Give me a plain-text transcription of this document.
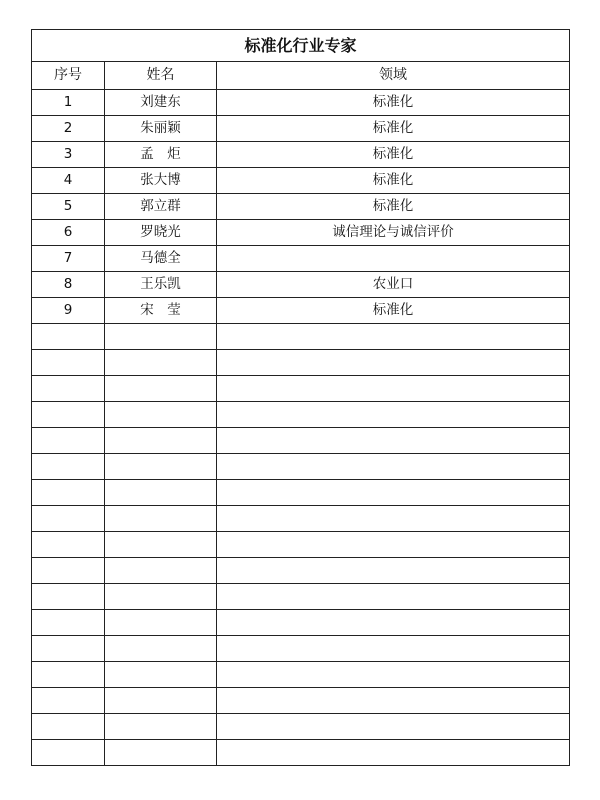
标准化行业专家		
序号	姓名	领域
1	刘建东	标准化
2	朱丽颖	标准化
3	孟　炬	标准化
4	张大博	标准化
5	郭立群	标准化
6	罗晓光	诚信理论与诚信评价
7	马德全	
8	王乐凯	农业口
9	宋　莹	标准化
